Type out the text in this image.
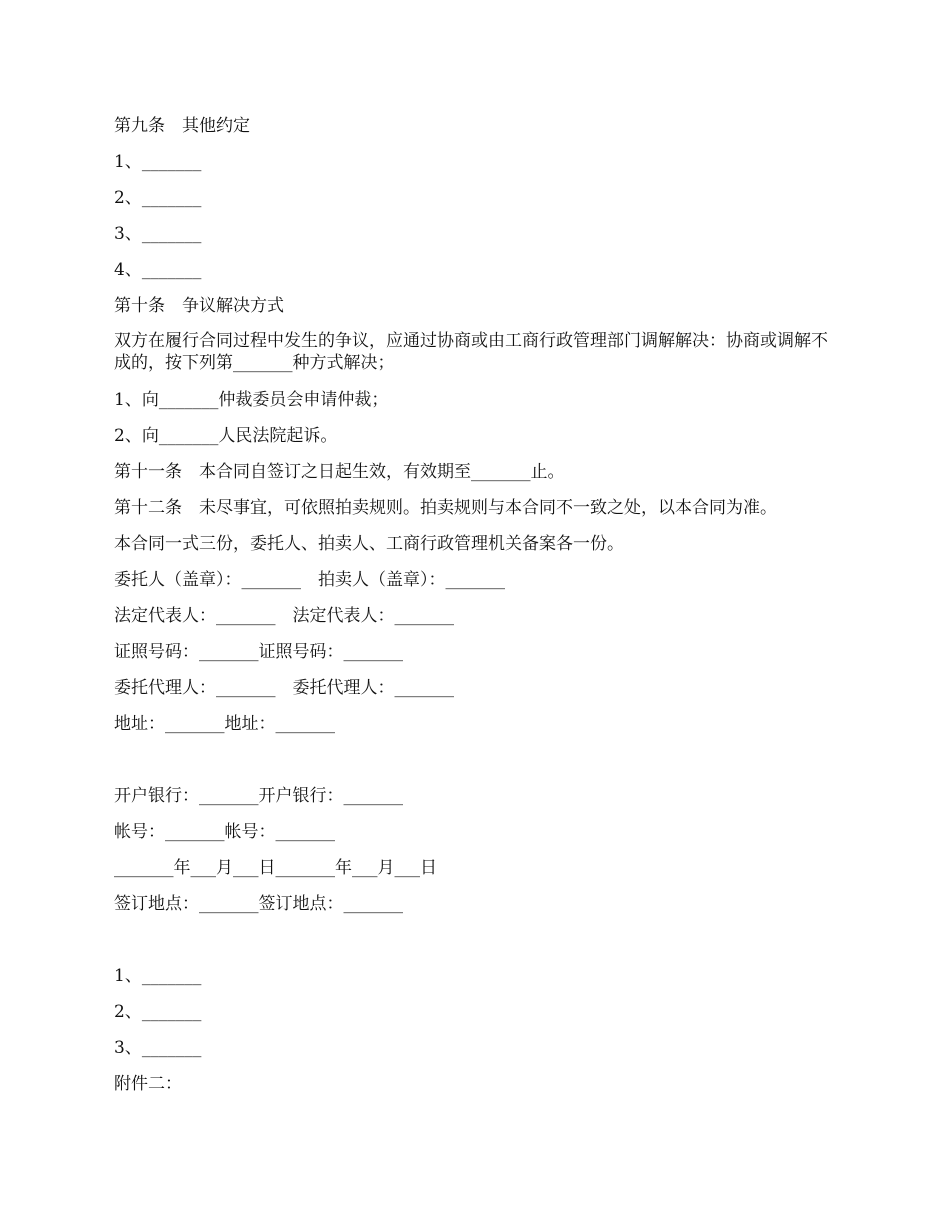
第九条　其他约定

1、_______

2、_______

3、_______

4、_______

第十条　争议解决方式

双方在履行合同过程中发生的争议，应通过协商或由工商行政管理部门调解解决：协商或调解不成的，按下列第_______种方式解决；

1、向_______仲裁委员会申请仲裁；

2、向_______人民法院起诉。

第十一条　本合同自签订之日起生效，有效期至_______止。

第十二条　未尽事宜，可依照拍卖规则。拍卖规则与本合同不一致之处，以本合同为准。

本合同一式三份，委托人、拍卖人、工商行政管理机关备案各一份。

委托人（盖章）：_______　拍卖人（盖章）：_______

法定代表人：_______　法定代表人：_______

证照号码：_______证照号码：_______

委托代理人：_______　委托代理人：_______

地址：_______地址：_______

开户银行：_______开户银行：_______

帐号：_______帐号：_______

_______年___月___日_______年___月___日

签订地点：_______签订地点：_______

1、_______

2、_______

3、_______

附件二：
